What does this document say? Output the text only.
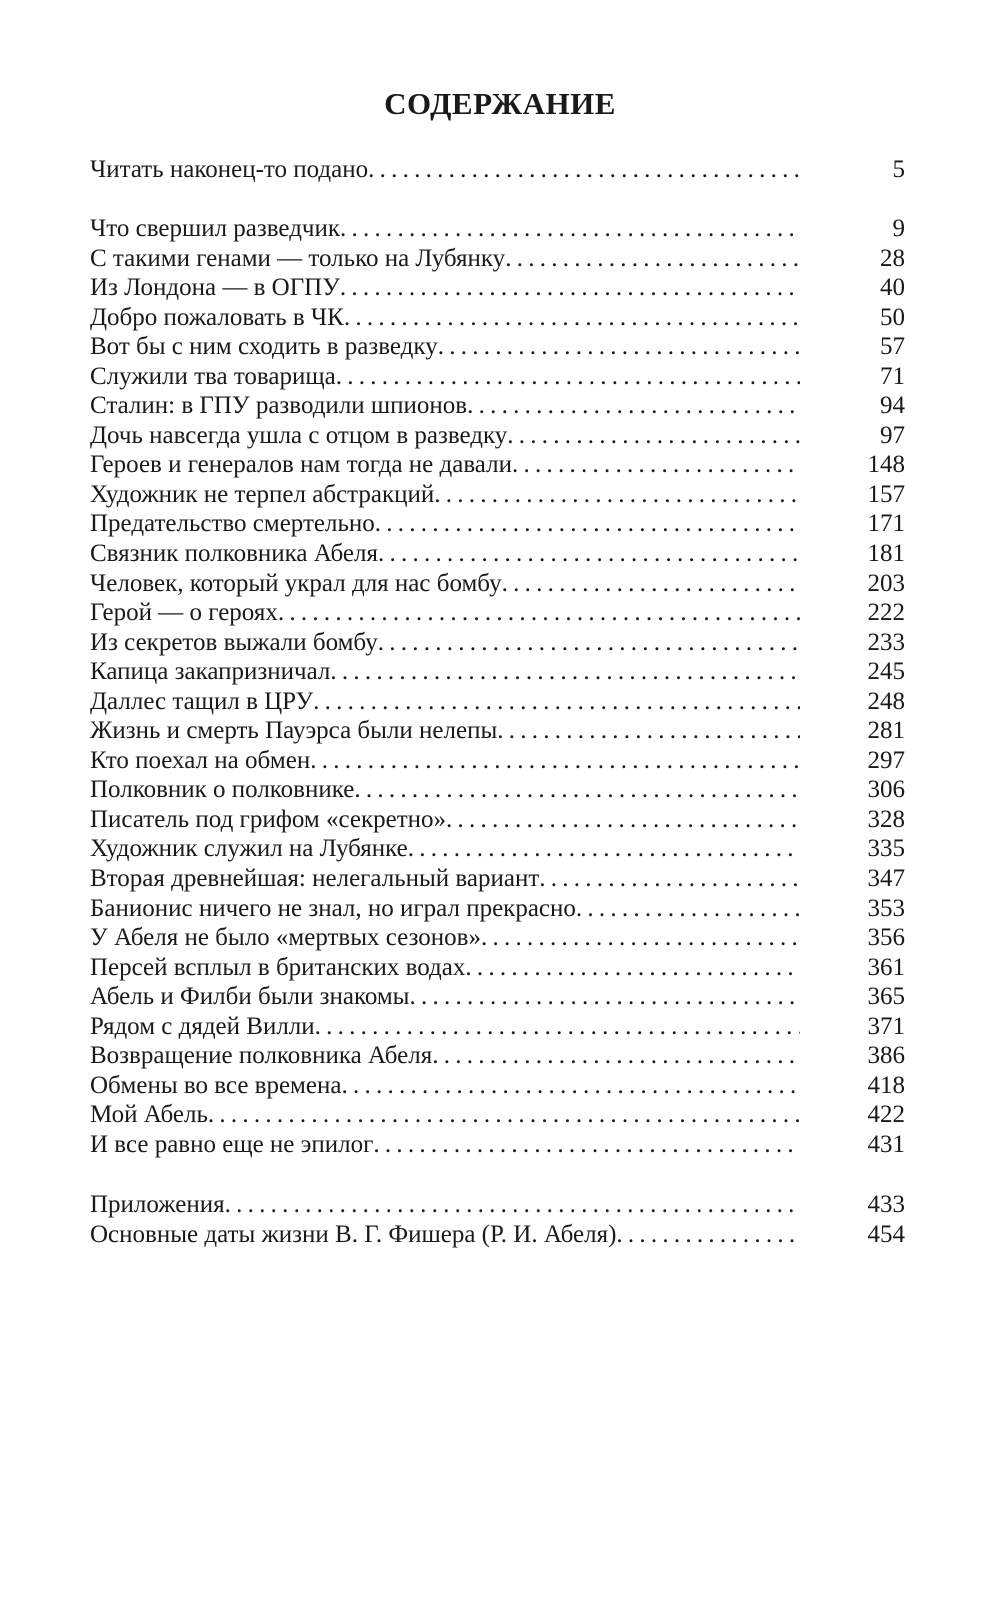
СОДЕРЖАНИЕ
Читать наконец-то подано . . .	5
Что свершил разведчик . . .	9
С такими генами — только на Лубянку . . .	28
Из Лондона — в ОГПУ . . .	40
Добро пожаловать в ЧК . . .	50
Вот бы с ним сходить в разведку . . .	57
Служили тва товарища . . .	71
Сталин: в ГПУ разводили шпионов . . .	94
Дочь навсегда ушла с отцом в разведку . . .	97
Героев и генералов нам тогда не давали . . .	148
Художник не терпел абстракций . . .	157
Предательство смертельно . . .	171
Связник полковника Абеля . . .	181
Человек, который украл для нас бомбу . . .	203
Герой — о героях . . .	222
Из секретов выжали бомбу . . .	233
Капица закапризничал . . .	245
Даллес тащил в ЦРУ . . .	248
Жизнь и смерть Пауэрса были нелепы . . .	281
Кто поехал на обмен . . .	297
Полковник о полковнике . . .	306
Писатель под грифом «секретно» . . .	328
Художник служил на Лубянке . . .	335
Вторая древнейшая: нелегальный вариант . . .	347
Банионис ничего не знал, но играл прекрасно . . .	353
У Абеля не было «мертвых сезонов» . . .	356
Персей всплыл в британских водах . . .	361
Абель и Филби были знакомы . . .	365
Рядом с дядей Вилли . . .	371
Возвращение полковника Абеля . . .	386
Обмены во все времена . . .	418
Мой Абель . . .	422
И все равно еще не эпилог . . .	431
Приложения . . .	433
Основные даты жизни В. Г. Фишера (Р. И. Абеля) . . .	454
